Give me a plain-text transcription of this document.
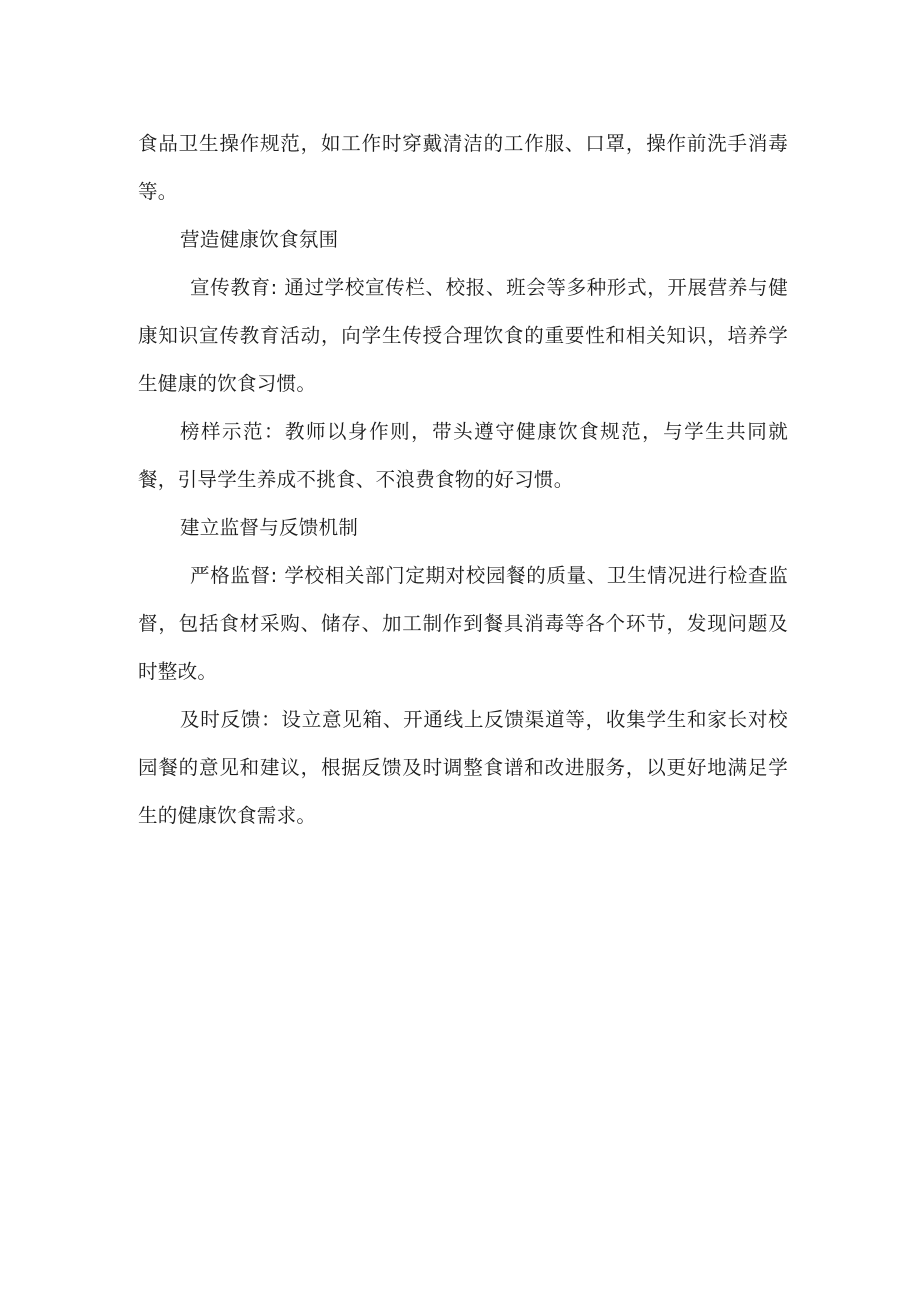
食品卫生操作规范，如工作时穿戴清洁的工作服、口罩，操作前洗手消毒等。

营造健康饮食氛围

宣传教育: 通过学校宣传栏、校报、班会等多种形式，开展营养与健康知识宣传教育活动，向学生传授合理饮食的重要性和相关知识，培养学生健康的饮食习惯。

榜样示范：教师以身作则，带头遵守健康饮食规范，与学生共同就餐，引导学生养成不挑食、不浪费食物的好习惯。

建立监督与反馈机制

严格监督: 学校相关部门定期对校园餐的质量、卫生情况进行检查监督，包括食材采购、储存、加工制作到餐具消毒等各个环节，发现问题及时整改。

及时反馈：设立意见箱、开通线上反馈渠道等，收集学生和家长对校园餐的意见和建议，根据反馈及时调整食谱和改进服务，以更好地满足学生的健康饮食需求。
